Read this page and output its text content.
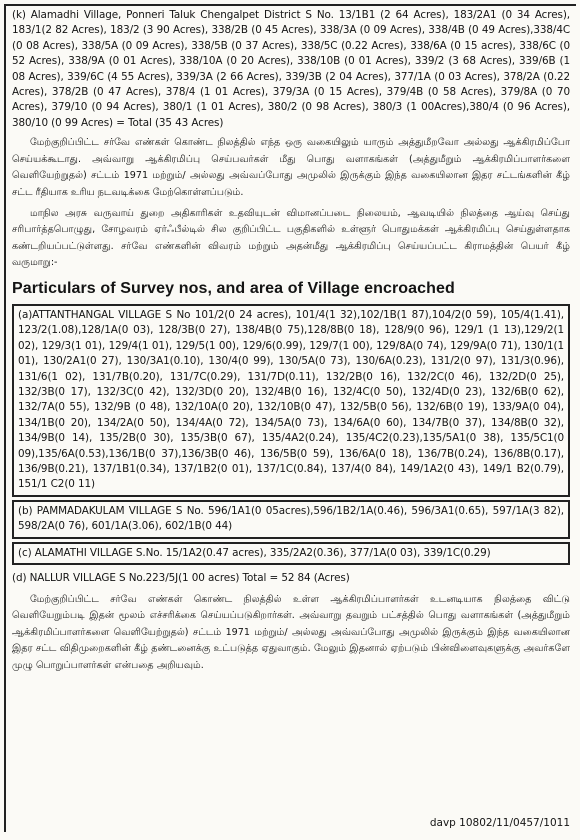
(k) Alamadhi Village, Ponneri Taluk Chengalpet District S No. 13/1B1 (2 64 Acres), 183/2A1 (0 34 Acres), 183/1(2 82 Acres), 183/2 (3 90 Acres), 338/2B (0 45 Acres), 338/3A (0 09 Acres), 338/4B (0 49 Acres),338/4C (0 08 Acres), 338/5A (0 09 Acres), 338/5B (0 37 Acres), 338/5C (0.22 Acres), 338/6A (0 15 acres), 338/6C (0 52 Acres), 338/9A (0 01 Acres), 338/10A (0 20 Acres), 338/10B (0 01 Acres), 339/2 (3 68 Acres), 339/6B (1 08 Acres), 339/6C (4 55 Acres), 339/3A (2 66 Acres), 339/3B (2 04 Acres), 377/1A (0 03 Acres), 378/2A (0.22 Acres), 378/2B (0 47 Acres), 378/4 (1 01 Acres), 379/3A (0 15 Acres), 379/4B (0 58 Acres), 379/8A (0 70 Acres), 379/10 (0 94 Acres), 380/1 (1 01 Acres), 380/2 (0 98 Acres), 380/3 (1 00Acres),380/4 (0 96 Acres), 380/10 (0 99 Acres) = Total (35 43 Acres)

மேற்குறிப்பிட்ட சர்வே எண்கள் கொண்ட நிலத்தில் எந்த ஒரு வகையிலும் யாரும் அத்துமீறவோ அல்லது ஆக்கிரமிப்போ செய்யக்கூடாது. அவ்வாறு ஆக்கிரமிப்பு செய்பவர்கள் மீது பொது வளாகங்கள் (அத்துமீறும் ஆக்கிரமிப்பாளர்களை வெளியேற்றுதல்) சட்டம் 1971 மற்றும்/ அல்லது அவ்வப்போது அமுலில் இருக்கும் இந்த வகையிலான இதர சட்டங்களின் கீழ் சட்ட ரீதியாக உரிய நடவடிக்கை மேற்கொள்ளப்படும்.

மாநில அரசு வருவாய் துறை அதிகாரிகள் உதவியுடன் விமானப்படை நிலையம், ஆவடியில் நிலத்தை ஆய்வு செய்து சரிபார்த்தபொழுது, சோழவரம் ஏர்ஃபீல்டில் சில குறிப்பிட்ட பகுதிகளில் உள்ளூர் பொதுமக்கள் ஆக்கிரமிப்பு செய்துள்ளதாக கண்டறியப்பட்டுள்ளது. சர்வே எண்களின் விவரம் மற்றும் அதன்மீது ஆக்கிரமிப்பு செய்யப்பட்ட கிராமத்தின் பெயர் கீழ் வருமாறு:-

Particulars of Survey nos, and area of Village encroached

(a)ATTANTHANGAL VILLAGE S No 101/2(0 24 acres), 101/4(1 32),102/1B(1 87),104/2(0 59), 105/4(1.41), 123/2(1.08),128/1A(0 03), 128/3B(0 27), 138/4B(0 75),128/8B(0 18), 128/9(0 96), 129/1 (1 13),129/2(1 02), 129/3(1 01), 129/4(1 01), 129/5(1 00), 129/6(0.99), 129/7(1 00), 129/8A(0 74), 129/9A(0 71), 130/1(1 01), 130/2A1(0 27), 130/3A1(0.10), 130/4(0 99), 130/5A(0 73), 130/6A(0.23), 131/2(0 97), 131/3(0.96), 131/6(1 02), 131/7B(0.20), 131/7C(0.29), 131/7D(0.11), 132/2B(0 16), 132/2C(0 46), 132/2D(0 25), 132/3B(0 17), 132/3C(0 42), 132/3D(0 20), 132/4B(0 16), 132/4C(0 50), 132/4D(0 23), 132/6B(0 62), 132/7A(0 55), 132/9B (0 48), 132/10A(0 20), 132/10B(0 47), 132/5B(0 56), 132/6B(0 19), 133/9A(0 04), 134/1B(0 20), 134/2A(0 50), 134/4A(0 72), 134/5A(0 73), 134/6A(0 60), 134/7B(0 37), 134/8B(0 32), 134/9B(0 14), 135/2B(0 30), 135/3B(0 67), 135/4A2(0.24), 135/4C2(0.23),135/5A1(0 38), 135/5C1(0 09),135/6A(0.53),136/1B(0 37),136/3B(0 46), 136/5B(0 59), 136/6A(0 18), 136/7B(0.24), 136/8B(0.17), 136/9B(0.21), 137/1B1(0.34), 137/1B2(0 01), 137/1C(0.84), 137/4(0 84), 149/1A2(0 43), 149/1 B2(0.79), 151/1 C2(0 11)

(b) PAMMADAKULAM VILLAGE S No. 596/1A1(0 05acres),596/1B2/1A(0.46), 596/3A1(0.65), 597/1A(3 82), 598/2A(0 76), 601/1A(3.06), 602/1B(0 44)

(c) ALAMATHI VILLAGE S.No. 15/1A2(0.47 acres), 335/2A2(0.36), 377/1A(0 03), 339/1C(0.29)

(d) NALLUR VILLAGE S No.223/5J(1 00 acres) Total = 52 84 (Acres)

மேற்குறிப்பிட்ட சர்வே எண்கள் கொண்ட நிலத்தில் உள்ள ஆக்கிரமிப்பாளர்கள் உடனடியாக நிலத்தை விட்டு வெளியேறும்படி இதன் மூலம் எச்சரிக்கை செய்யப்படுகிறார்கள். அவ்வாறு தவறும் பட்சத்தில் பொது வளாகங்கள் (அத்துமீறும் ஆக்கிரமிப்பாளர்களை வெளியேற்றுதல்) சட்டம் 1971 மற்றும்/ அல்லது அவ்வப்போது அமுலில் இருக்கும் இந்த வகையிலான இதர சட்ட விதிமுறைகளின் கீழ் தண்டனைக்கு உட்படுத்த ஏதுவாகும். மேலும் இதனால் ஏற்படும் பின்விளைவுகளுக்கு அவர்களே முழு பொறுப்பாளர்கள் என்பதை அறியவும்.

davp 10802/11/0457/1011
